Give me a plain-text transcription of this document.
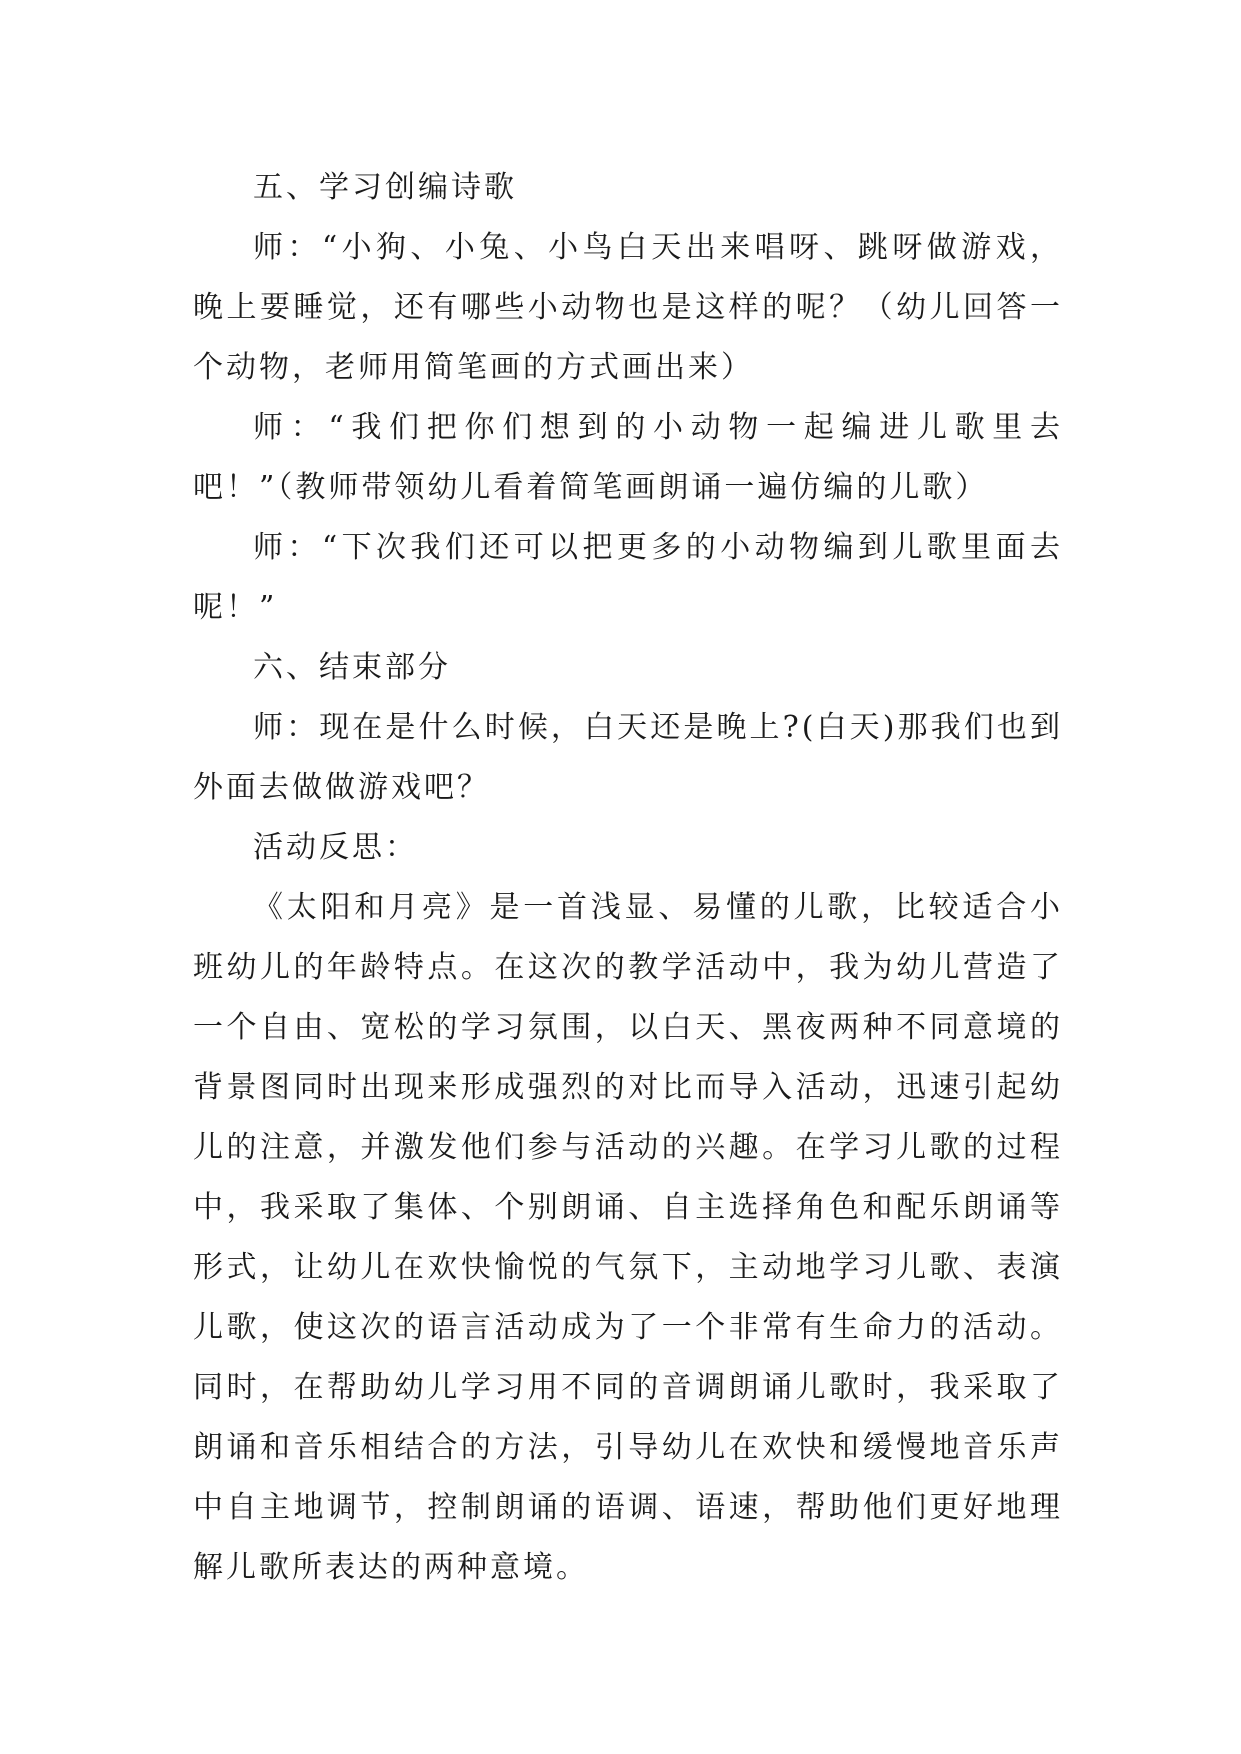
五、学习创编诗歌

师：“小狗、小兔、小鸟白天出来唱呀、跳呀做游戏，晚上要睡觉，还有哪些小动物也是这样的呢？（幼儿回答一个动物，老师用简笔画的方式画出来）

师：“我们把你们想到的小动物一起编进儿歌里去吧！”（教师带领幼儿看着简笔画朗诵一遍仿编的儿歌）

师：“下次我们还可以把更多的小动物编到儿歌里面去呢！”

六、结束部分

师：现在是什么时候，白天还是晚上?(白天)那我们也到外面去做做游戏吧？

活动反思：

《太阳和月亮》是一首浅显、易懂的儿歌，比较适合小班幼儿的年龄特点。在这次的教学活动中，我为幼儿营造了一个自由、宽松的学习氛围，以白天、黑夜两种不同意境的背景图同时出现来形成强烈的对比而导入活动，迅速引起幼儿的注意，并激发他们参与活动的兴趣。在学习儿歌的过程中，我采取了集体、个别朗诵、自主选择角色和配乐朗诵等形式，让幼儿在欢快愉悦的气氛下，主动地学习儿歌、表演儿歌，使这次的语言活动成为了一个非常有生命力的活动。同时，在帮助幼儿学习用不同的音调朗诵儿歌时，我采取了朗诵和音乐相结合的方法，引导幼儿在欢快和缓慢地音乐声中自主地调节，控制朗诵的语调、语速，帮助他们更好地理解儿歌所表达的两种意境。
